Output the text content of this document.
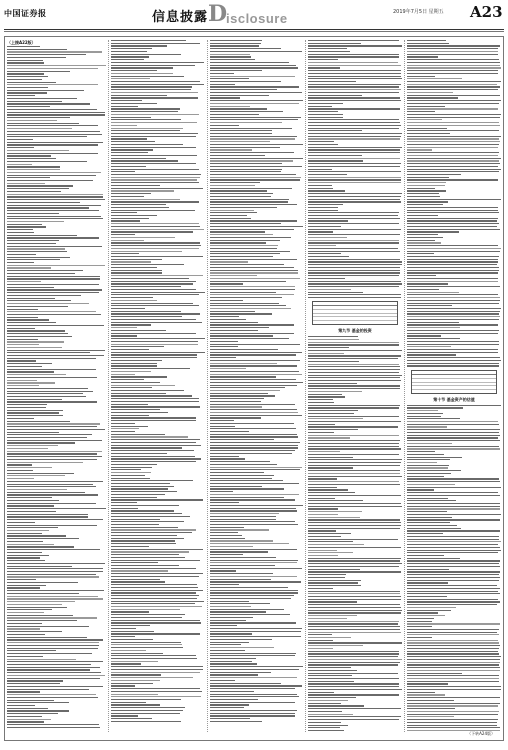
中国证券报	信息披露 D
isclosure	2019年7月5日 星期五 A23
（上接A22版）
第九节 基金的投资
第十节 基金资产的估值
（下转A24版）
